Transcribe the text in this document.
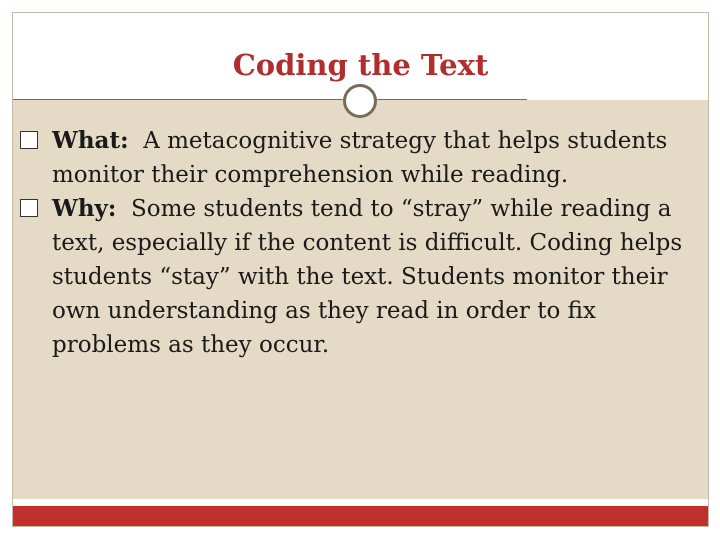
Coding the Text
What: A metacognitive strategy that helps students monitor their comprehension while reading.
Why: Some students tend to “stray” while reading a text, especially if the content is difficult. Coding helps students “stay” with the text. Students monitor their own understanding as they read in order to fix problems as they occur.
